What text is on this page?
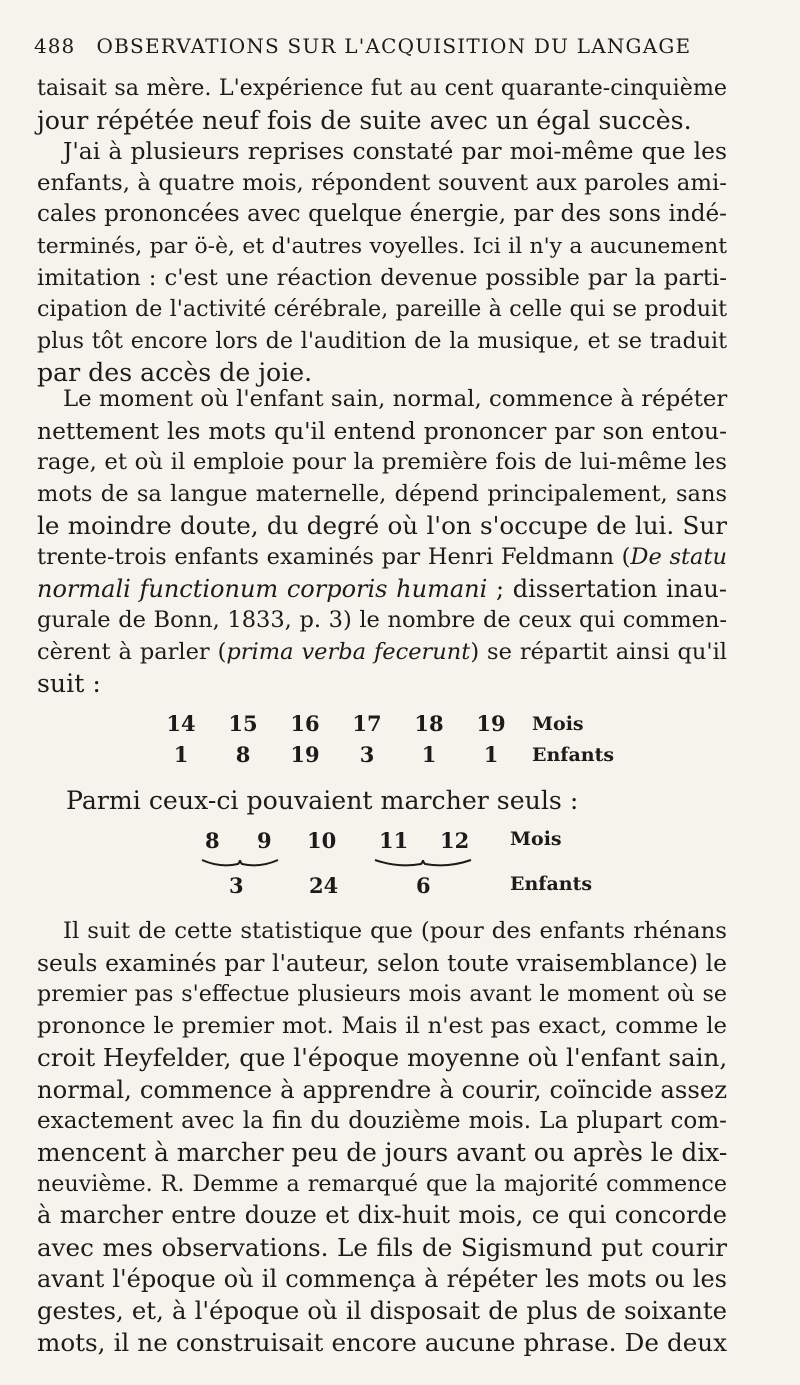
488 OBSERVATIONS SUR L'ACQUISITION DU LANGAGE
taisait sa mère. L'expérience fut au cent quarante-cinquième
jour répétée neuf fois de suite avec un égal succès.
J'ai à plusieurs reprises constaté par moi-même que les
enfants, à quatre mois, répondent souvent aux paroles ami-
cales prononcées avec quelque énergie, par des sons indé-
terminés, par ö-è, et d'autres voyelles. Ici il n'y a aucunement
imitation : c'est une réaction devenue possible par la parti-
cipation de l'activité cérébrale, pareille à celle qui se produit
plus tôt encore lors de l'audition de la musique, et se traduit
par des accès de joie.
Le moment où l'enfant sain, normal, commence à répéter
nettement les mots qu'il entend prononcer par son entou-
rage, et où il emploie pour la première fois de lui-même les
mots de sa langue maternelle, dépend principalement, sans
le moindre doute, du degré où l'on s'occupe de lui. Sur
trente-trois enfants examinés par Henri Feldmann (De statu
normali functionum corporis humani ; dissertation inau-
gurale de Bonn, 1833, p. 3) le nombre de ceux qui commen-
cèrent à parler (prima verba fecerunt) se répartit ainsi qu'il
suit :
14	15	16	17	18	19	Mois
1	8	19	3	1	1	Enfants
Parmi ceux-ci pouvaient marcher seuls :
8 9 10 11 12 Mois
3	24	6	Enfants
Il suit de cette statistique que (pour des enfants rhénans
seuls examinés par l'auteur, selon toute vraisemblance) le
premier pas s'effectue plusieurs mois avant le moment où se
prononce le premier mot. Mais il n'est pas exact, comme le
croit Heyfelder, que l'époque moyenne où l'enfant sain,
normal, commence à apprendre à courir, coïncide assez
exactement avec la fin du douzième mois. La plupart com-
mencent à marcher peu de jours avant ou après le dix-
neuvième. R. Demme a remarqué que la majorité commence
à marcher entre douze et dix-huit mois, ce qui concorde
avec mes observations. Le fils de Sigismund put courir
avant l'époque où il commença à répéter les mots ou les
gestes, et, à l'époque où il disposait de plus de soixante
mots, il ne construisait encore aucune phrase. De deux
